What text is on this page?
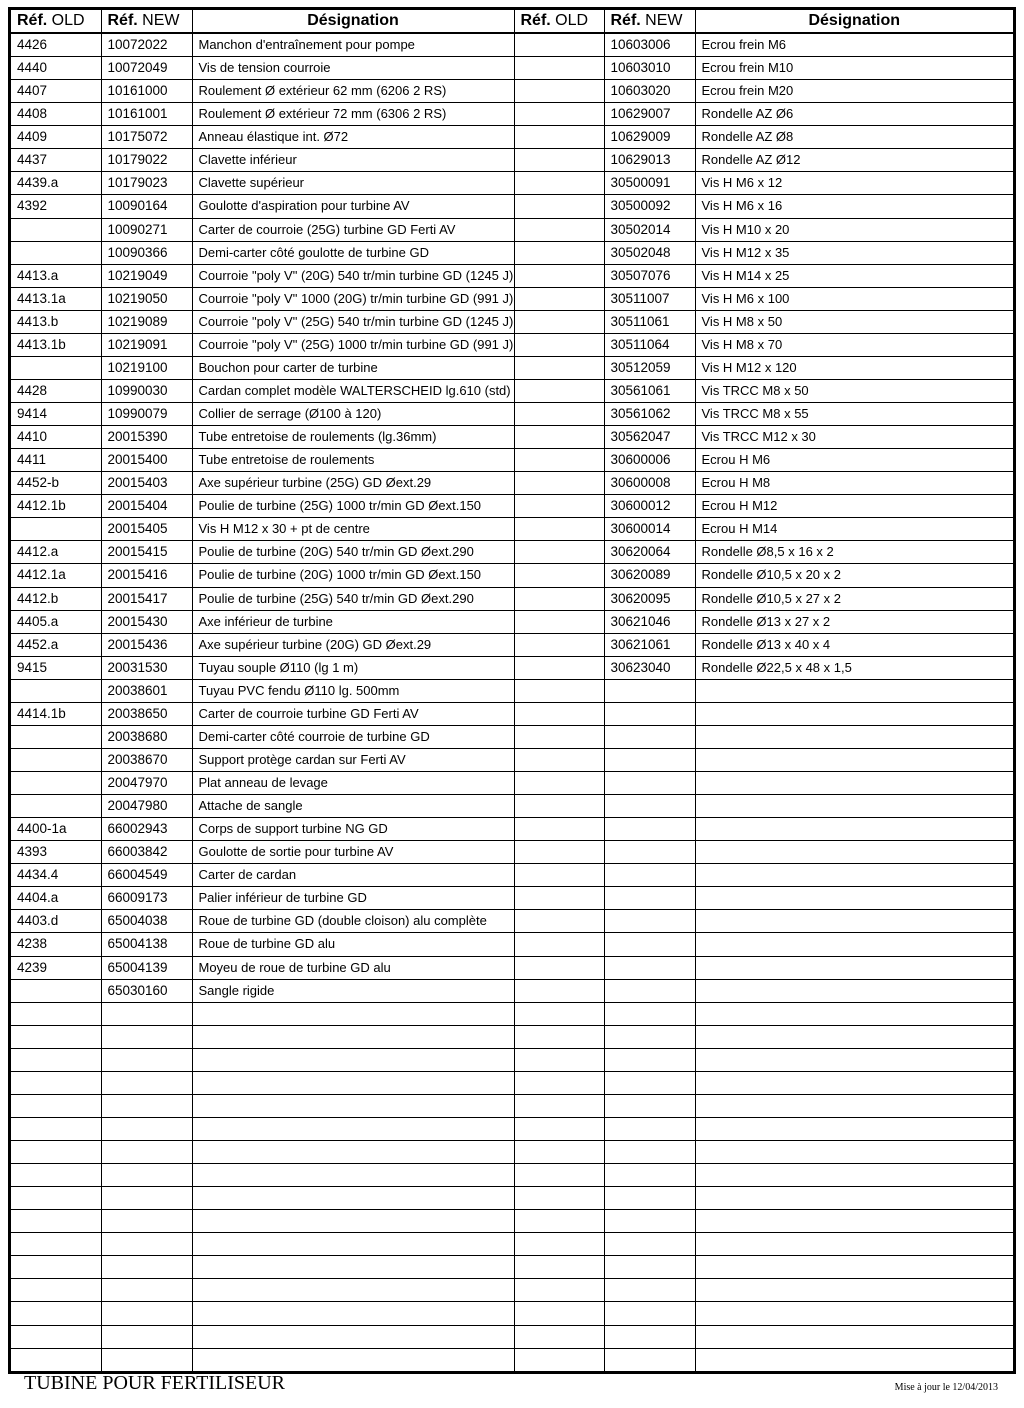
Réf. OLD	Réf. NEW	Désignation	Réf. OLD	Réf. NEW	Désignation
4426	10072022	Manchon d'entraînement pour pompe		10603006	Ecrou frein M6
4440	10072049	Vis de tension courroie		10603010	Ecrou frein M10
4407	10161000	Roulement Ø extérieur 62 mm (6206 2 RS)		10603020	Ecrou frein M20
4408	10161001	Roulement Ø extérieur 72 mm (6306 2 RS)		10629007	Rondelle AZ Ø6
4409	10175072	Anneau élastique int. Ø72		10629009	Rondelle AZ Ø8
4437	10179022	Clavette inférieur		10629013	Rondelle AZ Ø12
4439.a	10179023	Clavette supérieur		30500091	Vis H M6 x 12
4392	10090164	Goulotte d'aspiration pour turbine AV		30500092	Vis H M6 x 16
	10090271	Carter de courroie (25G) turbine GD Ferti AV		30502014	Vis H M10 x 20
	10090366	Demi-carter côté goulotte de turbine GD		30502048	Vis H M12 x 35
4413.a	10219049	Courroie "poly V" (20G) 540 tr/min turbine GD (1245 J)		30507076	Vis H M14 x 25
4413.1a	10219050	Courroie "poly V" 1000 (20G) tr/min turbine GD (991 J)		30511007	Vis H M6 x 100
4413.b	10219089	Courroie "poly V" (25G) 540 tr/min turbine GD (1245 J)		30511061	Vis H M8 x 50
4413.1b	10219091	Courroie "poly V" (25G) 1000 tr/min turbine GD (991 J)		30511064	Vis H M8 x 70
	10219100	Bouchon pour carter de turbine		30512059	Vis H M12 x 120
4428	10990030	Cardan complet modèle WALTERSCHEID lg.610 (std)		30561061	Vis TRCC M8 x 50
9414	10990079	Collier de serrage (Ø100 à 120)		30561062	Vis TRCC M8 x 55
4410	20015390	Tube entretoise de roulements (lg.36mm)		30562047	Vis TRCC M12 x 30
4411	20015400	Tube entretoise de roulements		30600006	Ecrou H M6
4452-b	20015403	Axe supérieur turbine (25G) GD Øext.29		30600008	Ecrou H M8
4412.1b	20015404	Poulie de turbine (25G) 1000 tr/min GD Øext.150		30600012	Ecrou H M12
	20015405	Vis H M12 x 30 + pt de centre		30600014	Ecrou H M14
4412.a	20015415	Poulie de turbine (20G) 540 tr/min GD Øext.290		30620064	Rondelle Ø8,5 x 16 x 2
4412.1a	20015416	Poulie de turbine (20G) 1000 tr/min GD Øext.150		30620089	Rondelle Ø10,5 x 20 x 2
4412.b	20015417	Poulie de turbine (25G) 540 tr/min GD Øext.290		30620095	Rondelle Ø10,5 x 27 x 2
4405.a	20015430	Axe inférieur de turbine		30621046	Rondelle Ø13 x 27 x 2
4452.a	20015436	Axe supérieur turbine (20G) GD Øext.29		30621061	Rondelle Ø13 x 40 x 4
9415	20031530	Tuyau souple Ø110 (lg 1 m)		30623040	Rondelle Ø22,5 x 48 x 1,5
	20038601	Tuyau PVC fendu Ø110 lg. 500mm			
4414.1b	20038650	Carter de courroie turbine GD Ferti AV			
	20038680	Demi-carter côté courroie de turbine GD			
	20038670	Support protège cardan sur Ferti AV			
	20047970	Plat anneau de levage			
	20047980	Attache de sangle			
4400-1a	66002943	Corps de support turbine NG GD			
4393	66003842	Goulotte de sortie pour turbine AV			
4434.4	66004549	Carter de cardan			
4404.a	66009173	Palier inférieur de turbine GD			
4403.d	65004038	Roue de turbine GD (double cloison) alu complète			
4238	65004138	Roue de turbine GD alu			
4239	65004139	Moyeu de roue de turbine GD alu			
	65030160	Sangle rigide			

TUBINE POUR FERTILISEUR	Mise à jour le 12/04/2013
